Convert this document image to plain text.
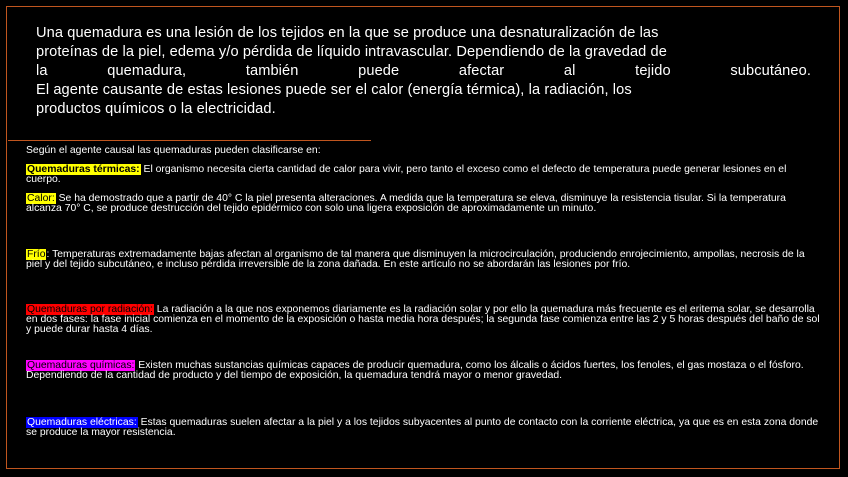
Una quemadura es una lesión de los tejidos en la que se produce una desnaturalización de las

proteínas de la piel, edema y/o pérdida de líquido intravascular. Dependiendo de la gravedad de

la quemadura, también puede afectar al tejido subcutáneo.

El agente causante de estas lesiones puede ser el calor (energía térmica), la radiación, los

productos químicos o la electricidad.

Según el agente causal las quemaduras pueden clasificarse en:

Quemaduras térmicas: El organismo necesita cierta cantidad de calor para vivir, pero tanto el exceso como el defecto de temperatura puede generar lesiones en el cuerpo.

Calor: Se ha demostrado que a partir de 40° C la piel presenta alteraciones. A medida que la temperatura se eleva, disminuye la resistencia tisular. Si la temperatura alcanza 70° C, se produce destrucción del tejido epidérmico con solo una ligera exposición de aproximadamente un minuto.

Frío: Temperaturas extremadamente bajas afectan al organismo de tal manera que disminuyen la microcirculación, produciendo enrojecimiento, ampollas, necrosis de la piel y del tejido subcutáneo, e incluso pérdida irreversible de la zona dañada. En este artículo no se abordarán las lesiones por frío.

Quemaduras por radiación: La radiación a la que nos exponemos diariamente es la radiación solar y por ello la quemadura más frecuente es el eritema solar, se desarrolla en dos fases: la fase inicial comienza en el momento de la exposición o hasta media hora después; la segunda fase comienza entre las 2 y 5 horas después del baño de sol y puede durar hasta 4 días.

Quemaduras químicas: Existen muchas sustancias químicas capaces de producir quemadura, como los álcalis o ácidos fuertes, los fenoles, el gas mostaza o el fósforo. Dependiendo de la cantidad de producto y del tiempo de exposición, la quemadura tendrá mayor o menor gravedad.

Quemaduras eléctricas: Estas quemaduras suelen afectar a la piel y a los tejidos subyacentes al punto de contacto con la corriente eléctrica, ya que es en esta zona donde se produce la mayor resistencia.
